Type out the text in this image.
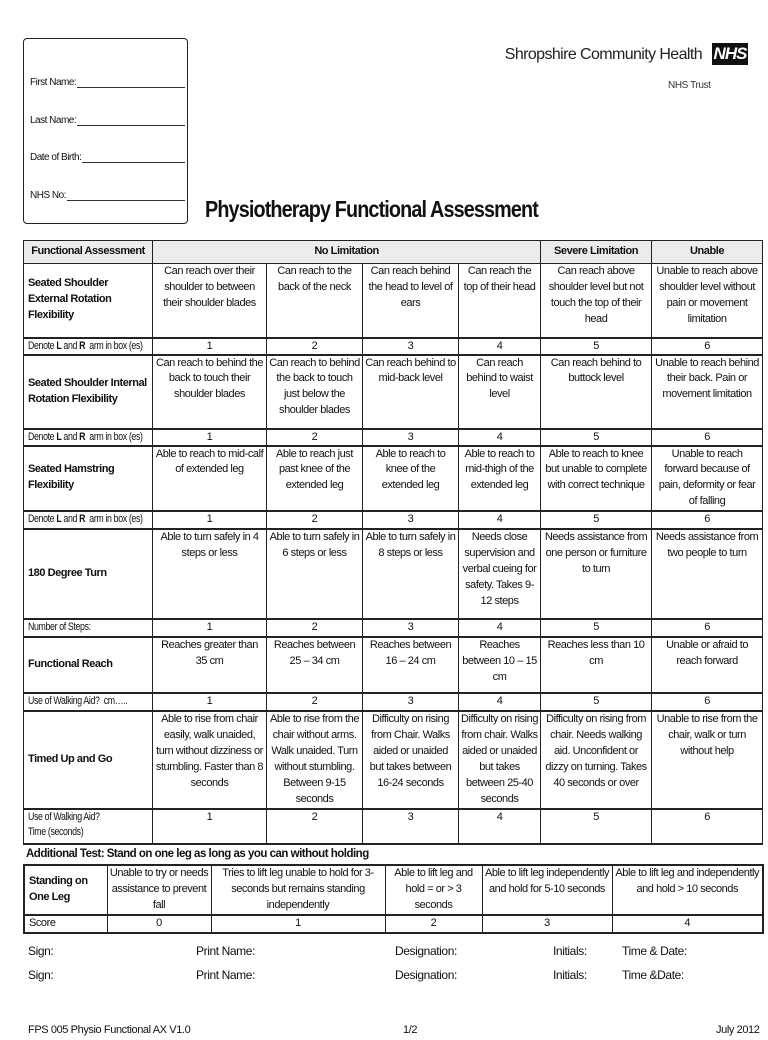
First Name:
Last Name:
Date of Birth:
NHS No:
Shropshire Community Health NHS
NHS Trust
Physiotherapy Functional Assessment
Functional Assessment	No Limitation				Severe Limitation	Unable
Seated Shoulder External Rotation Flexibility	Can reach over their shoulder to between their shoulder blades	Can reach to the back of the neck	Can reach behind the head to level of ears	Can reach the top of their head	Can reach above shoulder level but not touch the top of their head	Unable to reach above shoulder level without pain or movement limitation
Denote L and R  arm in box (es)	1	2	3	4	5	6
Seated Shoulder Internal Rotation Flexibility	Can reach to behind the back to touch their shoulder blades	Can reach to behind the back to touch just below the shoulder blades	Can reach behind to mid-back level	Can reach behind to waist level	Can reach behind to buttock level	Unable to reach behind their back. Pain or movement limitation
Denote L and R  arm in box (es)	1	2	3	4	5	6
Seated Hamstring Flexibility	Able to reach to mid-calf of extended leg	Able to reach just past knee of the extended leg	Able to reach to knee of the extended leg	Able to reach to mid-thigh of the extended leg	Able to reach to knee but unable to complete with correct technique	Unable to reach forward because of pain, deformity or fear of falling
Denote L and R  arm in box (es)	1	2	3	4	5	6
180 Degree Turn	Able to turn safely in 4 steps or less	Able to turn safely in 6 steps or less	Able to turn safely in 8 steps or less	Needs close supervision and verbal cueing for safety. Takes 9-12 steps	Needs assistance from one person or furniture to turn	Needs assistance from two people to turn
Number of Steps:	1	2	3	4	5	6
Functional Reach	Reaches greater than 35 cm	Reaches between 25 – 34 cm	Reaches between 16 – 24 cm	Reaches between 10 – 15 cm	Reaches less than 10 cm	Unable or afraid to reach forward
Use of Walking Aid?  cm…..	1	2	3	4	5	6
Timed Up and Go	Able to rise from chair easily, walk unaided, turn without dizziness or stumbling. Faster than 8 seconds	Able to rise from the chair without arms. Walk unaided. Turn without stumbling. Between 9-15 seconds	Difficulty on rising from Chair. Walks aided or unaided but takes between 16-24 seconds	Difficulty on rising from chair. Walks aided or unaided but takes between 25-40 seconds	Difficulty on rising from chair. Needs walking aid. Unconfident or dizzy on turning. Takes 40 seconds or over	Unable to rise from the chair, walk or turn without help

Use of Walking Aid?
Time (seconds)	1	2	3	4	5	6
Additional Test: Stand on one leg as long as you can without holding
Standing on One Leg	Unable to try or needs assistance to prevent fall	Tries to lift leg unable to hold for 3-seconds but remains standing independently	Able to lift leg and hold = or > 3 seconds	Able to lift leg independently and hold for 5-10 seconds	Able to lift leg and independently and hold > 10 seconds
Score	0	1	2	3	4
Sign:	Print Name:	Designation:	Initials:	Time & Date:
Sign:	Print Name:	Designation:	Initials:	Time &Date:
FPS 005 Physio Functional AX V1.0	1/2	July 2012
